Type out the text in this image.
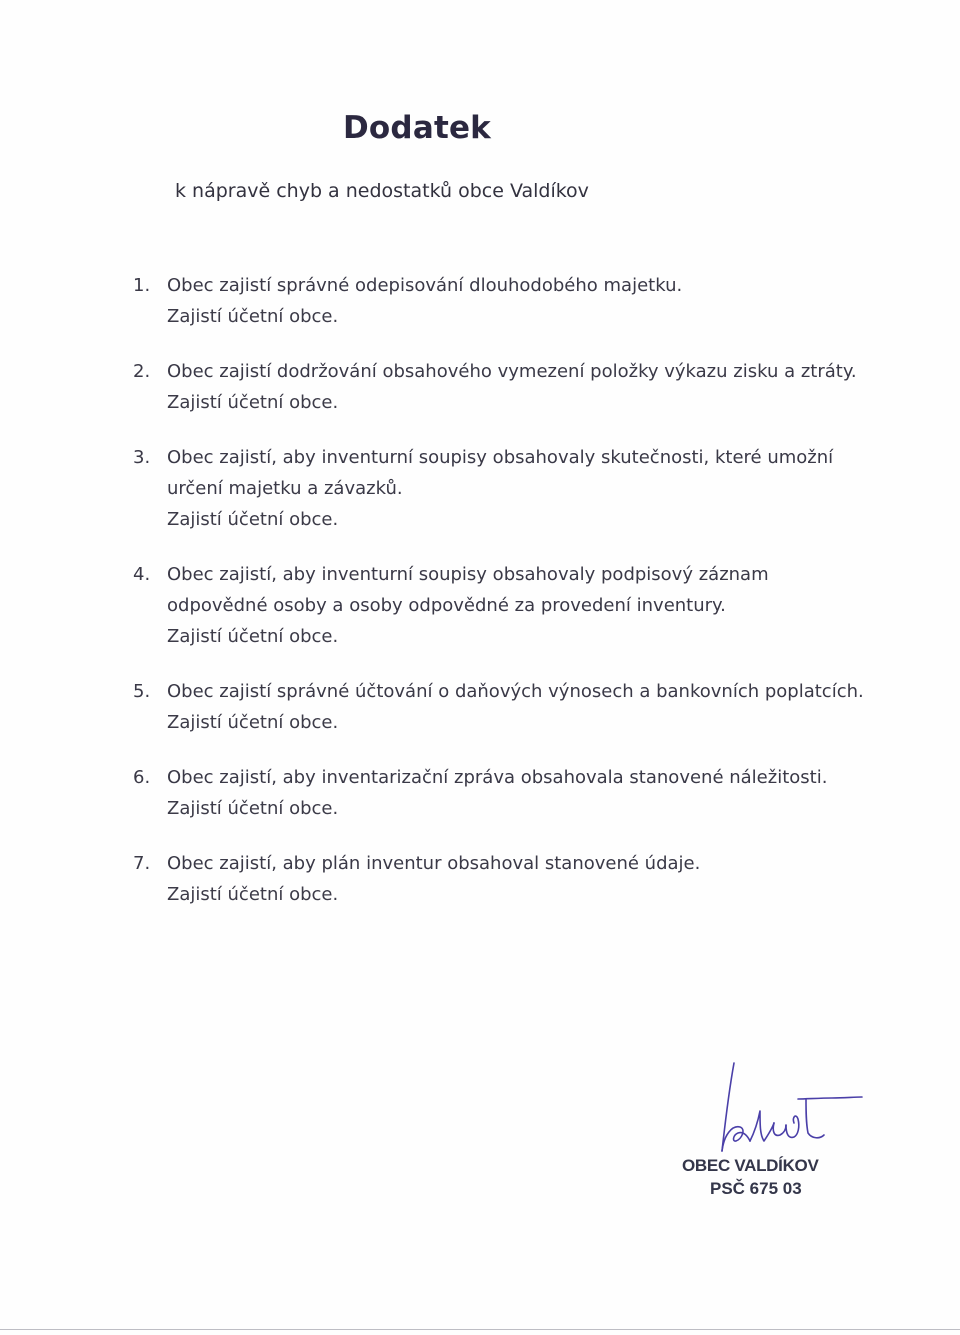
Dodatek

k nápravě chyb a nedostatků obce Valdíkov

1. Obec zajistí správné odepisování dlouhodobého majetku.
Zajistí účetní obce.
2. Obec zajistí dodržování obsahového vymezení položky výkazu zisku a ztráty.
Zajistí účetní obce.
3. Obec zajistí, aby inventurní soupisy obsahovaly skutečnosti, které umožní určení majetku a závazků.
Zajistí účetní obce.
4. Obec zajistí, aby inventurní soupisy obsahovaly podpisový záznam odpovědné osoby a osoby odpovědné za provedení inventury.
Zajistí účetní obce.
5. Obec zajistí správné účtování o daňových výnosech a bankovních poplatcích.
Zajistí účetní obce.
6. Obec zajistí, aby inventarizační zpráva obsahovala stanovené náležitosti.
Zajistí účetní obce.
7. Obec zajistí, aby plán inventur obsahoval stanovené údaje.
Zajistí účetní obce.
OBEC VALDÍKOV
PSČ 675 03
